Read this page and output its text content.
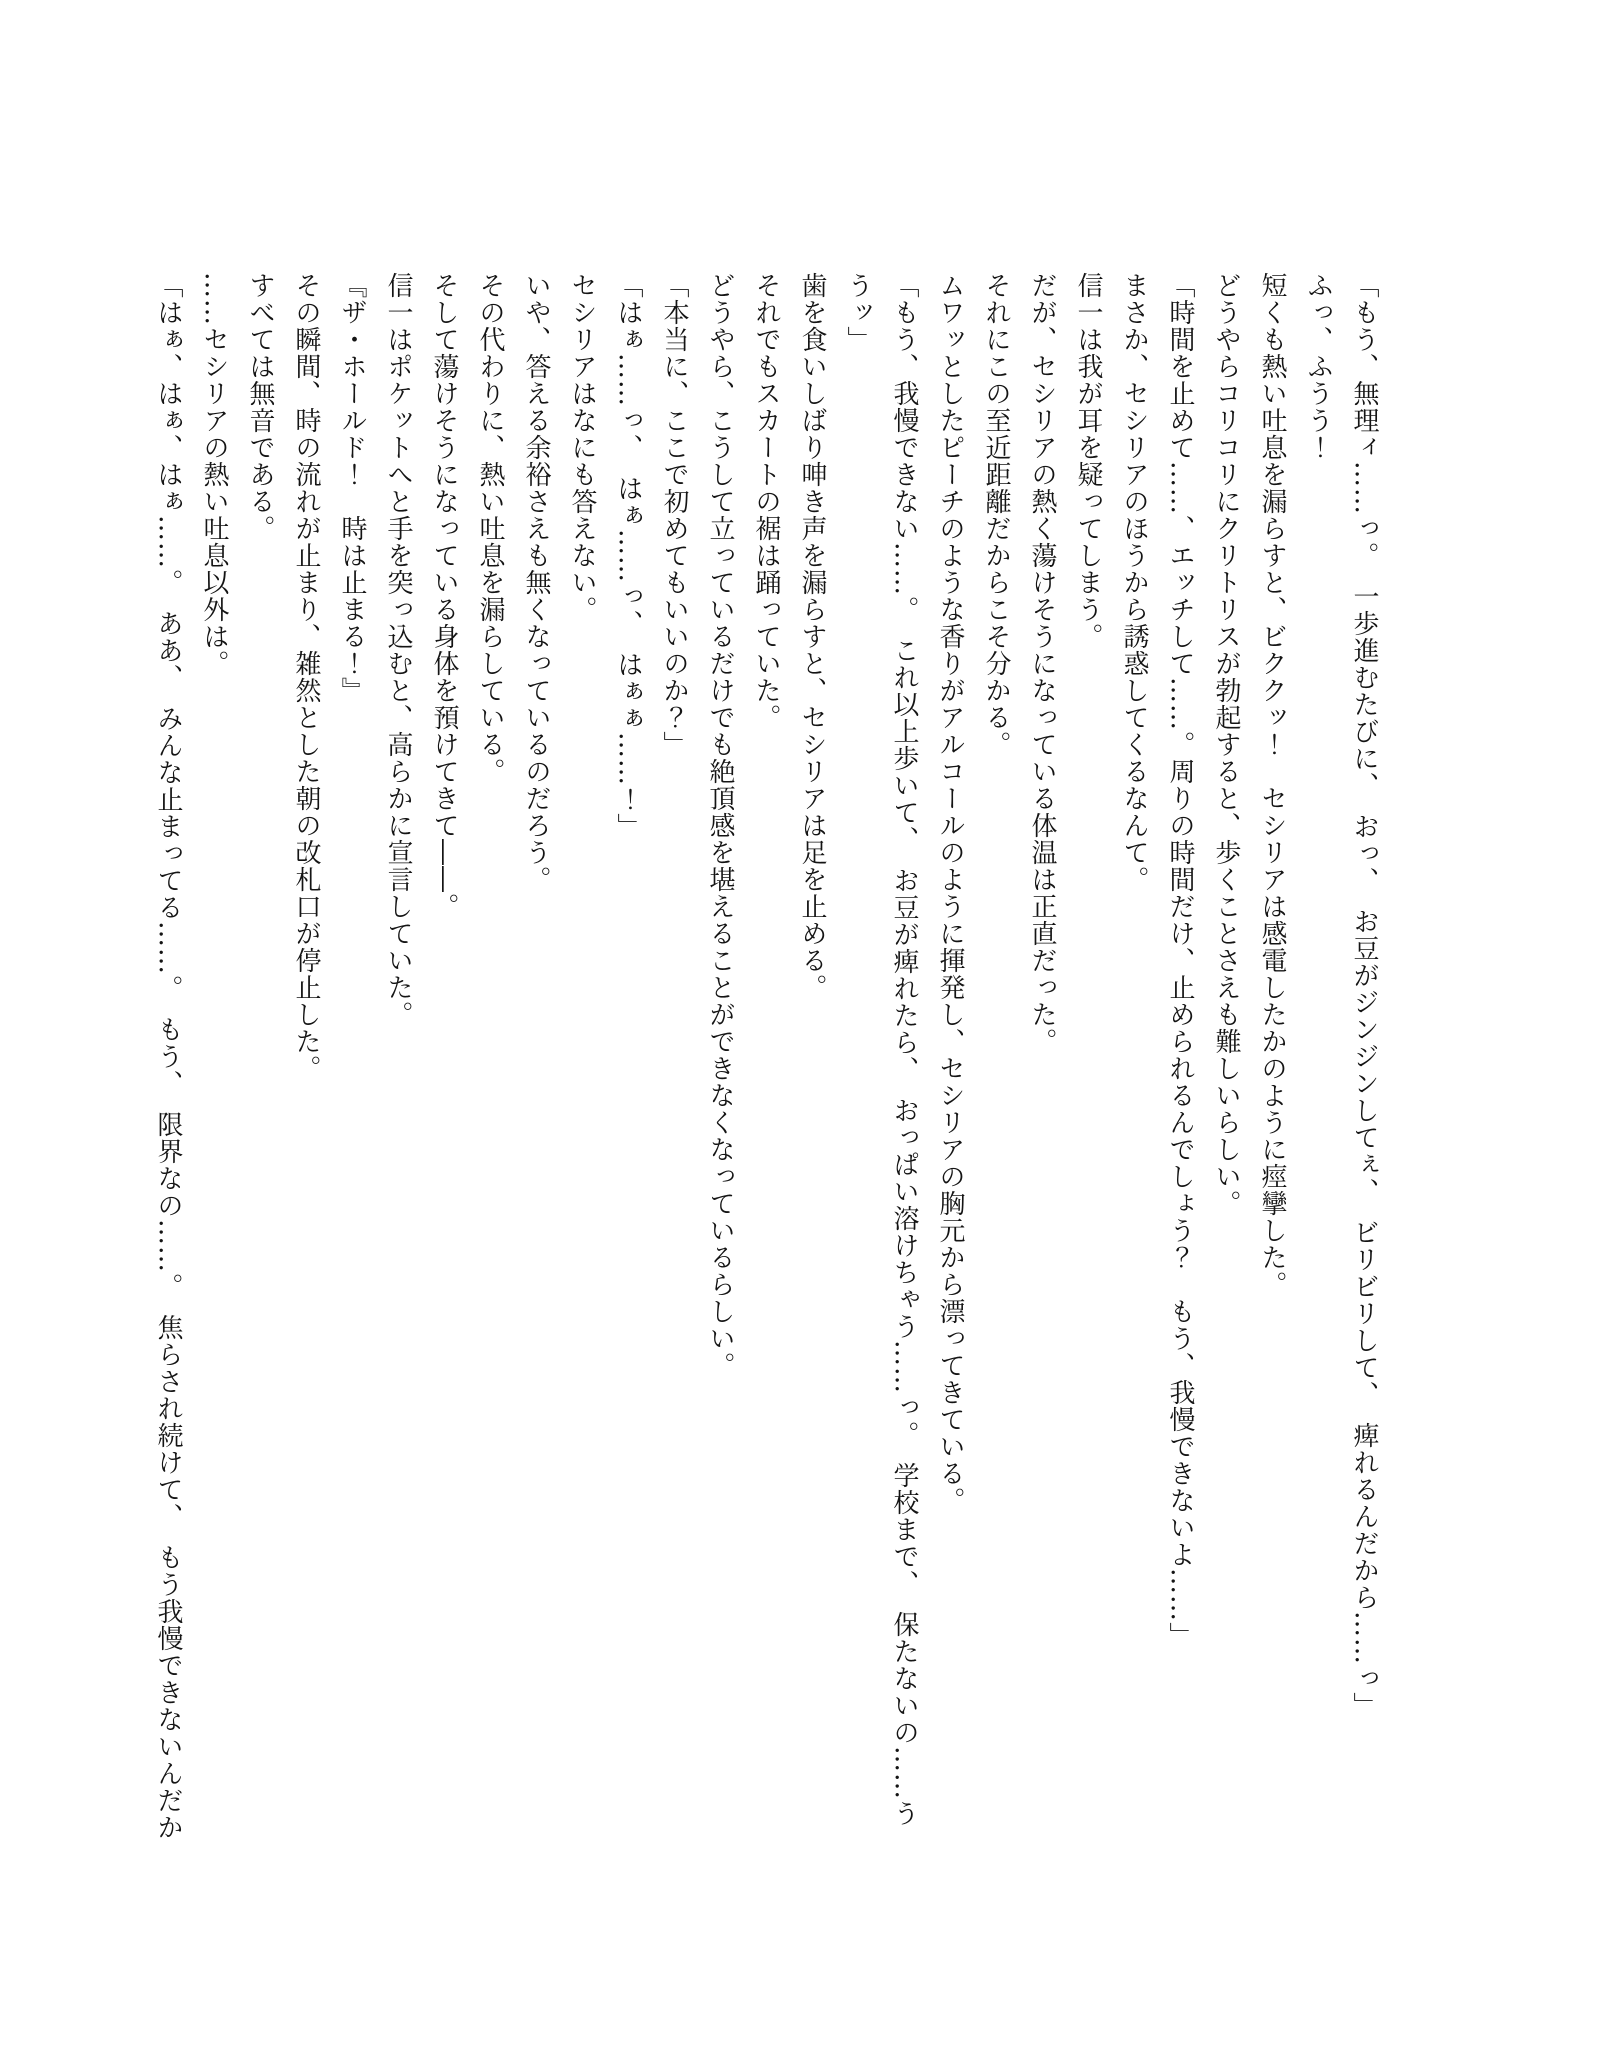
「もう、無理ィ……っ。　一歩進むたびに、　おっ、　お豆がジンジンしてぇ、　ビリビリして、　痺れるんだから……っ」

ふっ、ふうう！

短くも熱い吐息を漏らすと、ビククッ！　セシリアは感電したかのように痙攣した。

どうやらコリコリにクリトリスが勃起すると、歩くことさえも難しいらしい。

「時間を止めて……、エッチして……。周りの時間だけ、止められるんでしょう？　もう、我慢できないよ……」

まさか、セシリアのほうから誘惑してくるなんて。

信一は我が耳を疑ってしまう。

だが、セシリアの熱く蕩けそうになっている体温は正直だった。

それにこの至近距離だからこそ分かる。

ムワッとしたピーチのような香りがアルコールのように揮発し、セシリアの胸元から漂ってきている。

「もう、我慢できない……。　これ以上歩いて、　お豆が痺れたら、　おっぱい溶けちゃう……っ。　学校まで、　保たないの……う

うッ」

歯を食いしばり呻き声を漏らすと、セシリアは足を止める。

それでもスカートの裾は踊っていた。

どうやら、こうして立っているだけでも絶頂感を堪えることができなくなっているらしい。

「本当に、ここで初めてもいいのか？」

「はぁ……っ、　はぁ……っ、　はぁぁ……！」

セシリアはなにも答えない。

いや、答える余裕さえも無くなっているのだろう。

その代わりに、熱い吐息を漏らしている。

そして蕩けそうになっている身体を預けてきて――。

信一はポケットへと手を突っ込むと、高らかに宣言していた。

『ザ・ホールド！　時は止まる！』

その瞬間、時の流れが止まり、雑然とした朝の改札口が停止した。

すべては無音である。

……セシリアの熱い吐息以外は。

「はぁ、はぁ、はぁ……。　ああ、　みんな止まってる……。　もう、　限界なの……。　焦らされ続けて、　もう我慢できないんだか
